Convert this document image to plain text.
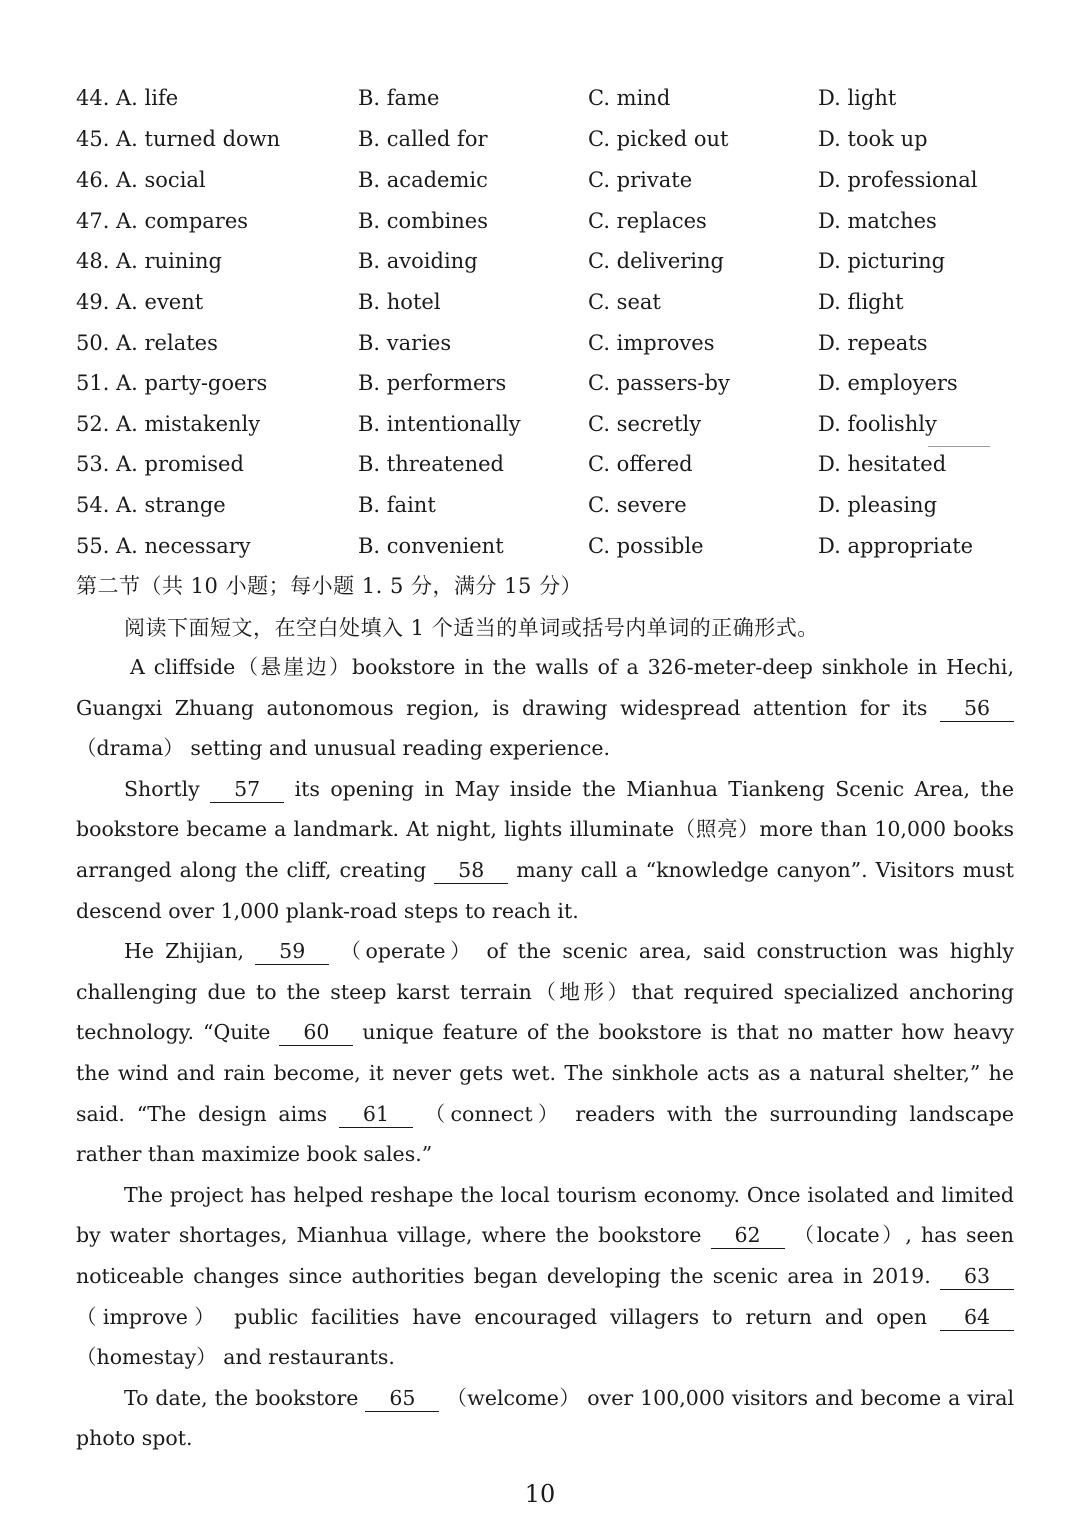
44. A. life	B. fame	C. mind	D. light
45. A. turned down	B. called for	C. picked out	D. took up
46. A. social	B. academic	C. private	D. professional
47. A. compares	B. combines	C. replaces	D. matches
48. A. ruining	B. avoiding	C. delivering	D. picturing
49. A. event	B. hotel	C. seat	D. flight
50. A. relates	B. varies	C. improves	D. repeats
51. A. party-goers	B. performers	C. passers-by	D. employers
52. A. mistakenly	B. intentionally	C. secretly	D. foolishly
53. A. promised	B. threatened	C. offered	D. hesitated
54. A. strange	B. faint	C. severe	D. pleasing
55. A. necessary	B. convenient	C. possible	D. appropriate
第二节（共 10 小题；每小题 1. 5 分，满分 15 分）
阅读下面短文，在空白处填入 1 个适当的单词或括号内单词的正确形式。

A cliffside（悬崖边）bookstore in the walls of a 326-meter-deep sinkhole in Hechi, Guangxi Zhuang autonomous region, is drawing widespread attention for its 56 （drama） setting and unusual reading experience.

Shortly 57 its opening in May inside the Mianhua Tiankeng Scenic Area, the bookstore became a landmark. At night, lights illuminate（照亮）more than 10,000 books arranged along the cliff, creating 58 many call a “knowledge canyon”. Visitors must descend over 1,000 plank-road steps to reach it.

He Zhijian, 59 （operate） of the scenic area, said construction was highly challenging due to the steep karst terrain（地形）that required specialized anchoring technology. “Quite 60 unique feature of the bookstore is that no matter how heavy the wind and rain become, it never gets wet. The sinkhole acts as a natural shelter,” he said. “The design aims 61 （connect） readers with the surrounding landscape rather than maximize book sales.”

The project has helped reshape the local tourism economy. Once isolated and limited by water shortages, Mianhua village, where the bookstore 62 （locate）, has seen noticeable changes since authorities began developing the scenic area in 2019. 63 （improve） public facilities have encouraged villagers to return and open 64 （homestay） and restaurants.

To date, the bookstore 65 （welcome） over 100,000 visitors and become a viral photo spot.

10
